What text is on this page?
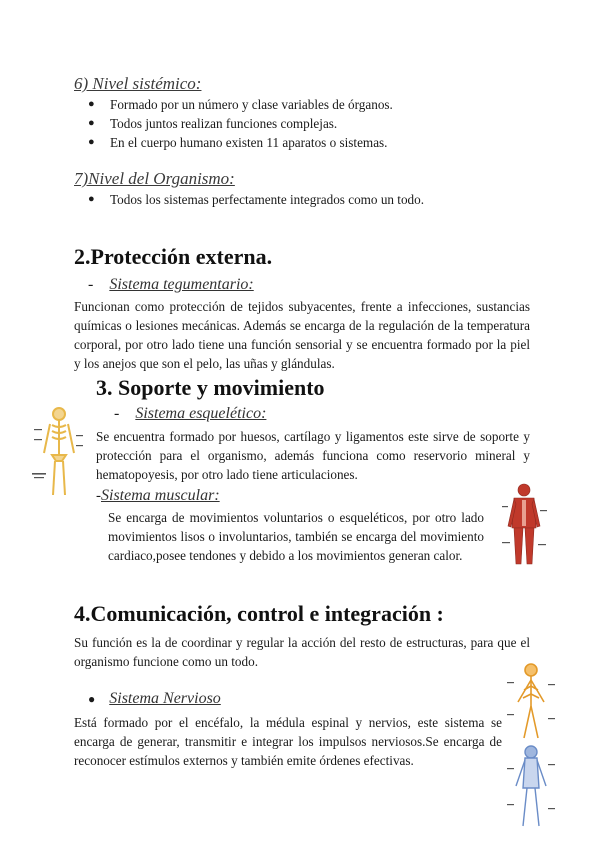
6) Nivel sistémico:
● Formado por un número y clase variables de órganos.
● Todos juntos realizan funciones complejas.
● En el cuerpo humano existen 11 aparatos o sistemas.
7)Nivel del Organismo:
● Todos los sistemas perfectamente integrados como un todo.
2.Protección externa.
- Sistema tegumentario:
Funcionan como protección de tejidos subyacentes, frente a infecciones, sustancias químicas o lesiones mecánicas. Además se encarga de la regulación de la temperatura corporal, por otro lado tiene una función sensorial y se encuentra formado por la piel y los anejos que son el pelo, las uñas y glándulas.
3. Soporte y movimiento
- Sistema esquelético:
Se encuentra formado por huesos, cartílago y ligamentos este sirve de soporte y protección para el organismo, además funciona como reservorio mineral y hematopoyesis, por otro lado tiene articulaciones.
-Sistema muscular:
Se encarga de movimientos voluntarios o esqueléticos, por otro lado movimientos lisos o involuntarios, también se encarga del movimiento cardiaco,posee tendones y debido a los movimientos generan calor.
4.Comunicación, control e integración :
Su función es la de coordinar y regular la acción del resto de estructuras, para que el organismo funcione como un todo.
● Sistema Nervioso
Está formado por el encéfalo, la médula espinal y nervios, este sistema se encarga de generar, transmitir e integrar los impulsos nerviosos.Se encarga de reconocer estímulos externos y también emite órdenes efectivas.
